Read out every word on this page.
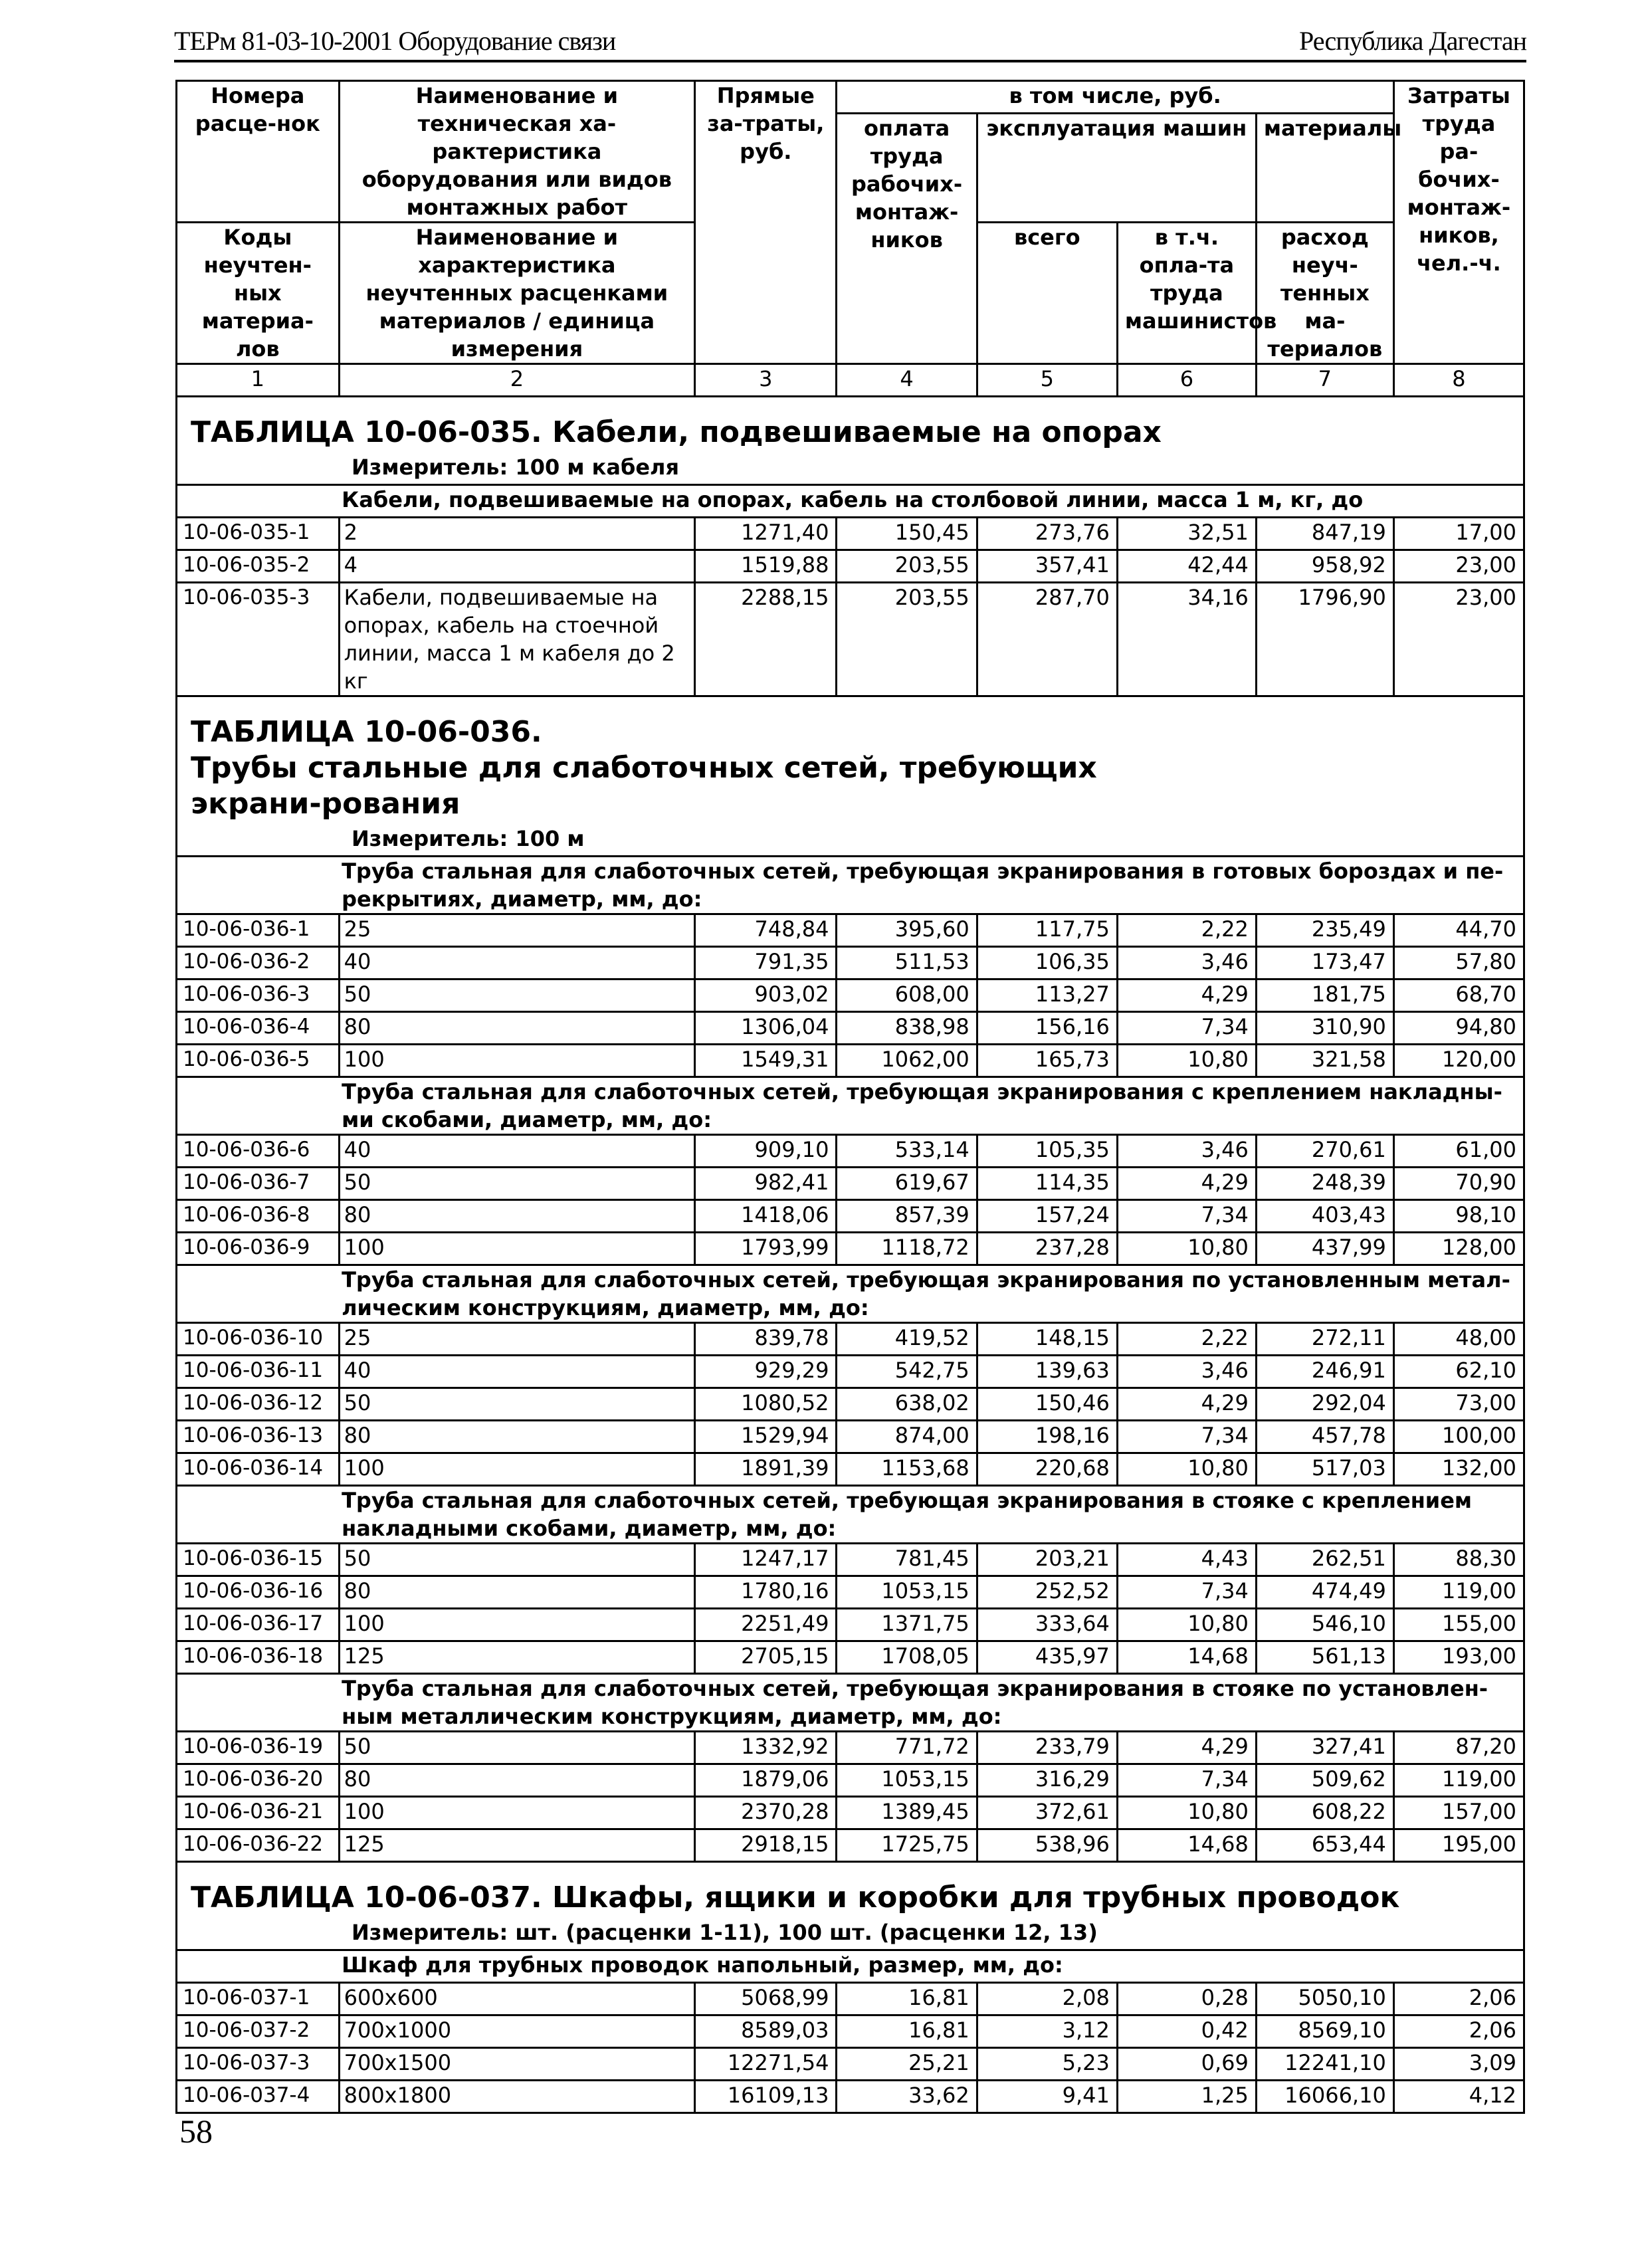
ТЕРм 81-03-10-2001 Оборудование связи	Республика Дагестан
Номера расце-нок	Наименование и техническая ха-рактеристика оборудования или видов монтажных работ	Прямые за-траты, руб.	в том числе, руб.				Затраты труда ра-бочих-монтаж-ников, чел.-ч.
			оплата труда рабочих-монтаж-ников	эксплуатация машин		материалы	
Коды неучтен-ных материа-лов	Наименование и характеристика неучтенных расценками материалов / единица измерения			всего	в т.ч. опла-та труда машинистов	расход неуч-тенных ма-териалов	

1	2	3	4	5	6	7	8

ТАБЛИЦА 10-06-035. Кабели, подвешиваемые на опорах
Измеритель: 100 м кабеля							

	Кабели, подвешиваемые на опорах, кабель на столбовой линии, масса 1 м, кг, до						
10-06-035-1	2	1271,40	150,45	273,76	32,51	847,19	17,00
10-06-035-2	4	1519,88	203,55	357,41	42,44	958,92	23,00
10-06-035-3	Кабели, подвешиваемые на опорах, кабель на стоечной линии, масса 1 м кабеля до 2 кг	2288,15	203,55	287,70	34,16	1796,90	23,00

ТАБЛИЦА 10-06-036. Трубы стальные для слаботочных сетей, требующих экрани-рования
Измеритель: 100 м							

	Труба стальная для слаботочных сетей, требующая экранирования в готовых бороздах и пе-рекрытиях, диаметр, мм, до:						
10-06-036-1	25	748,84	395,60	117,75	2,22	235,49	44,70
10-06-036-2	40	791,35	511,53	106,35	3,46	173,47	57,80
10-06-036-3	50	903,02	608,00	113,27	4,29	181,75	68,70
10-06-036-4	80	1306,04	838,98	156,16	7,34	310,90	94,80
10-06-036-5	100	1549,31	1062,00	165,73	10,80	321,58	120,00
	Труба стальная для слаботочных сетей, требующая экранирования с креплением накладны-ми скобами, диаметр, мм, до:						
10-06-036-6	40	909,10	533,14	105,35	3,46	270,61	61,00
10-06-036-7	50	982,41	619,67	114,35	4,29	248,39	70,90
10-06-036-8	80	1418,06	857,39	157,24	7,34	403,43	98,10
10-06-036-9	100	1793,99	1118,72	237,28	10,80	437,99	128,00
	Труба стальная для слаботочных сетей, требующая экранирования по установленным метал-лическим конструкциям, диаметр, мм, до:						
10-06-036-10	25	839,78	419,52	148,15	2,22	272,11	48,00
10-06-036-11	40	929,29	542,75	139,63	3,46	246,91	62,10
10-06-036-12	50	1080,52	638,02	150,46	4,29	292,04	73,00
10-06-036-13	80	1529,94	874,00	198,16	7,34	457,78	100,00
10-06-036-14	100	1891,39	1153,68	220,68	10,80	517,03	132,00
	Труба стальная для слаботочных сетей, требующая экранирования в стояке с креплением накладными скобами, диаметр, мм, до:						
10-06-036-15	50	1247,17	781,45	203,21	4,43	262,51	88,30
10-06-036-16	80	1780,16	1053,15	252,52	7,34	474,49	119,00
10-06-036-17	100	2251,49	1371,75	333,64	10,80	546,10	155,00
10-06-036-18	125	2705,15	1708,05	435,97	14,68	561,13	193,00
	Труба стальная для слаботочных сетей, требующая экранирования в стояке по установлен-ным металлическим конструкциям, диаметр, мм, до:						
10-06-036-19	50	1332,92	771,72	233,79	4,29	327,41	87,20
10-06-036-20	80	1879,06	1053,15	316,29	7,34	509,62	119,00
10-06-036-21	100	2370,28	1389,45	372,61	10,80	608,22	157,00
10-06-036-22	125	2918,15	1725,75	538,96	14,68	653,44	195,00

ТАБЛИЦА 10-06-037. Шкафы, ящики и коробки для трубных проводок
Измеритель: шт. (расценки 1-11), 100 шт. (расценки 12, 13)							

	Шкаф для трубных проводок напольный, размер, мм, до:						
10-06-037-1	600x600	5068,99	16,81	2,08	0,28	5050,10	2,06
10-06-037-2	700x1000	8589,03	16,81	3,12	0,42	8569,10	2,06
10-06-037-3	700x1500	12271,54	25,21	5,23	0,69	12241,10	3,09
10-06-037-4	800x1800	16109,13	33,62	9,41	1,25	16066,10	4,12
58
